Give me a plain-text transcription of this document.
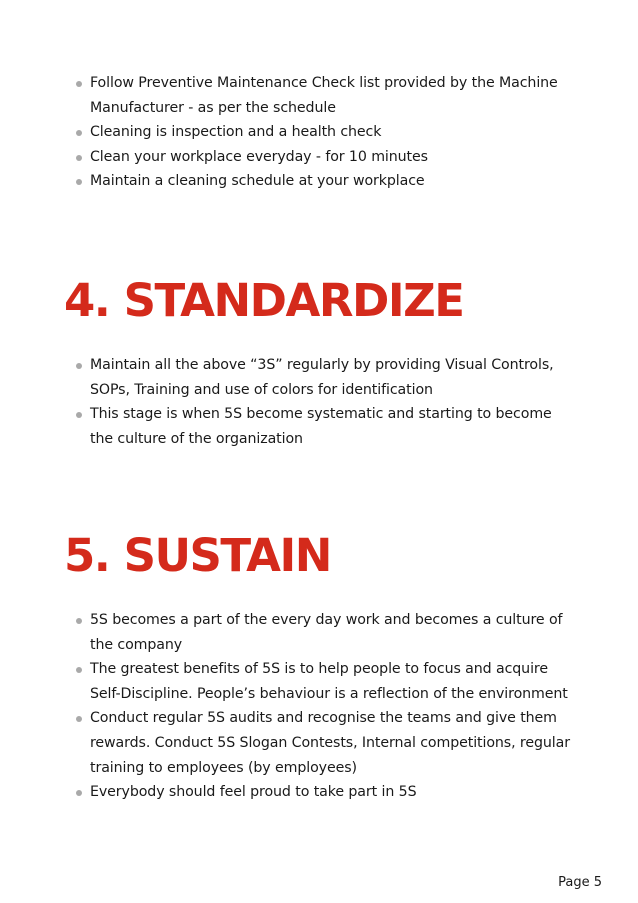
Follow Preventive Maintenance Check list provided by the Machine Manufacturer - as per the schedule
Cleaning is inspection and a health check
Clean your workplace everyday - for 10 minutes
Maintain a cleaning schedule at your workplace
4. STANDARDIZE
Maintain all the above “3S” regularly by providing Visual Controls, SOPs, Training and use of colors for identification
This stage is when 5S become systematic and starting to become the culture of the organization
5. SUSTAIN
5S becomes a part of the every day work and becomes a culture of the company
The greatest benefits of 5S is to help people to focus and acquire Self-Discipline. People’s behaviour is a reflection of the environment
Conduct regular 5S audits and recognise the teams and give them rewards. Conduct 5S Slogan Contests, Internal competitions, regular training to employees (by employees)
Everybody should feel proud to take part in 5S
Page 5
